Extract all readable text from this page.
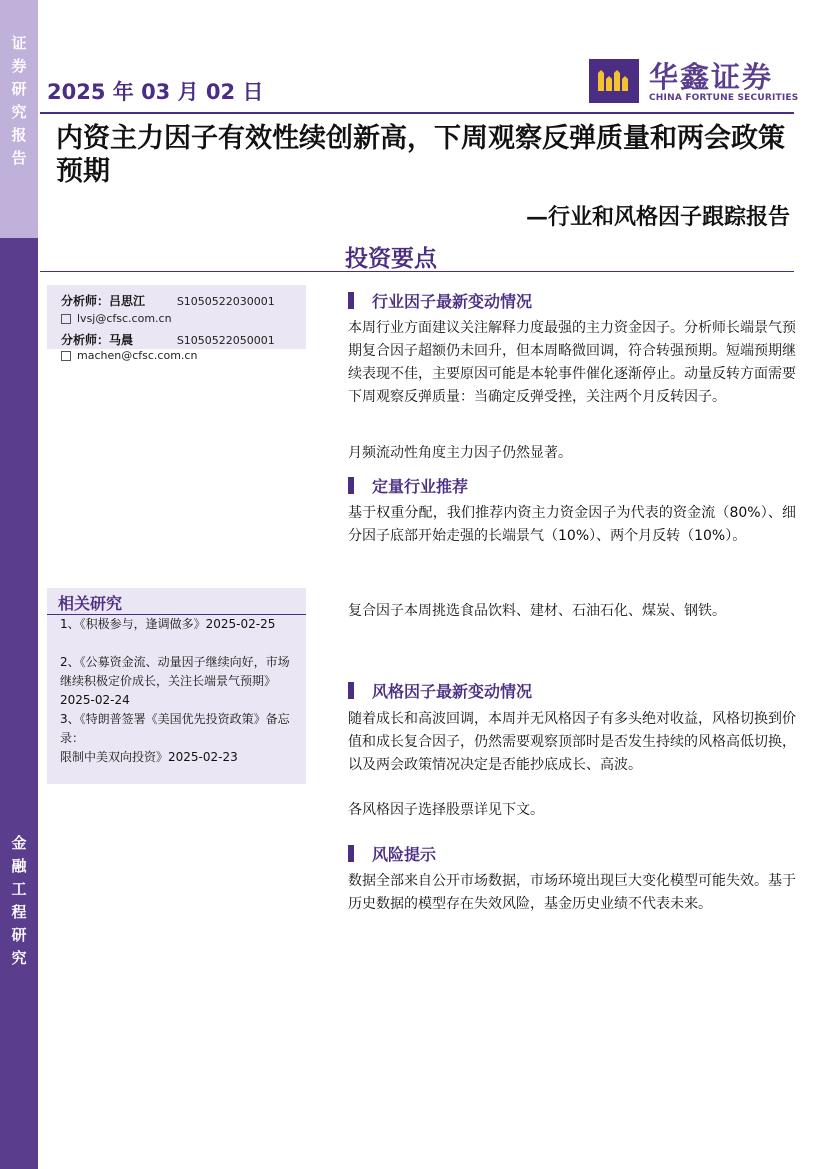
证
券
研
究
报
告
金
融
工
程
研
究
2025 年 03 月 02 日	华鑫证券
CHINA FORTUNE SECURITIES
内资主力因子有效性续创新高，下周观察反弹质量和两会政策预期
—行业和风格因子跟踪报告
投资要点
分析师：吕思江	S1050522030001
lvsj@cfsc.com.cn
分析师：马晨	S1050522050001
machen@cfsc.com.cn
相关研究
1、《积极参与，逢调做多》2025-02-25
2、《公募资金流、动量因子继续向好，市场继续积极定价成长，关注长端景气预期》2025-02-24
3、《特朗普签署《美国优先投资政策》备忘录：
限制中美双向投资》2025-02-23
行业因子最新变动情况
本周行业方面建议关注解释力度最强的主力资金因子。分析师长端景气预期复合因子超额仍未回升，但本周略微回调，符合转强预期。短端预期继续表现不佳，主要原因可能是本轮事件催化逐渐停止。动量反转方面需要下周观察反弹质量：当确定反弹受挫，关注两个月反转因子。
月频流动性角度主力因子仍然显著。
定量行业推荐
基于权重分配，我们推荐内资主力资金因子为代表的资金流（80%）、细分因子底部开始走强的长端景气（10%）、两个月反转（10%）。
复合因子本周挑选食品饮料、建材、石油石化、煤炭、钢铁。
风格因子最新变动情况
随着成长和高波回调，本周并无风格因子有多头绝对收益，风格切换到价值和成长复合因子，仍然需要观察顶部时是否发生持续的风格高低切换，以及两会政策情况决定是否能抄底成长、高波。
各风格因子选择股票详见下文。
风险提示
数据全部来自公开市场数据，市场环境出现巨大变化模型可能失效。基于历史数据的模型存在失效风险，基金历史业绩不代表未来。
